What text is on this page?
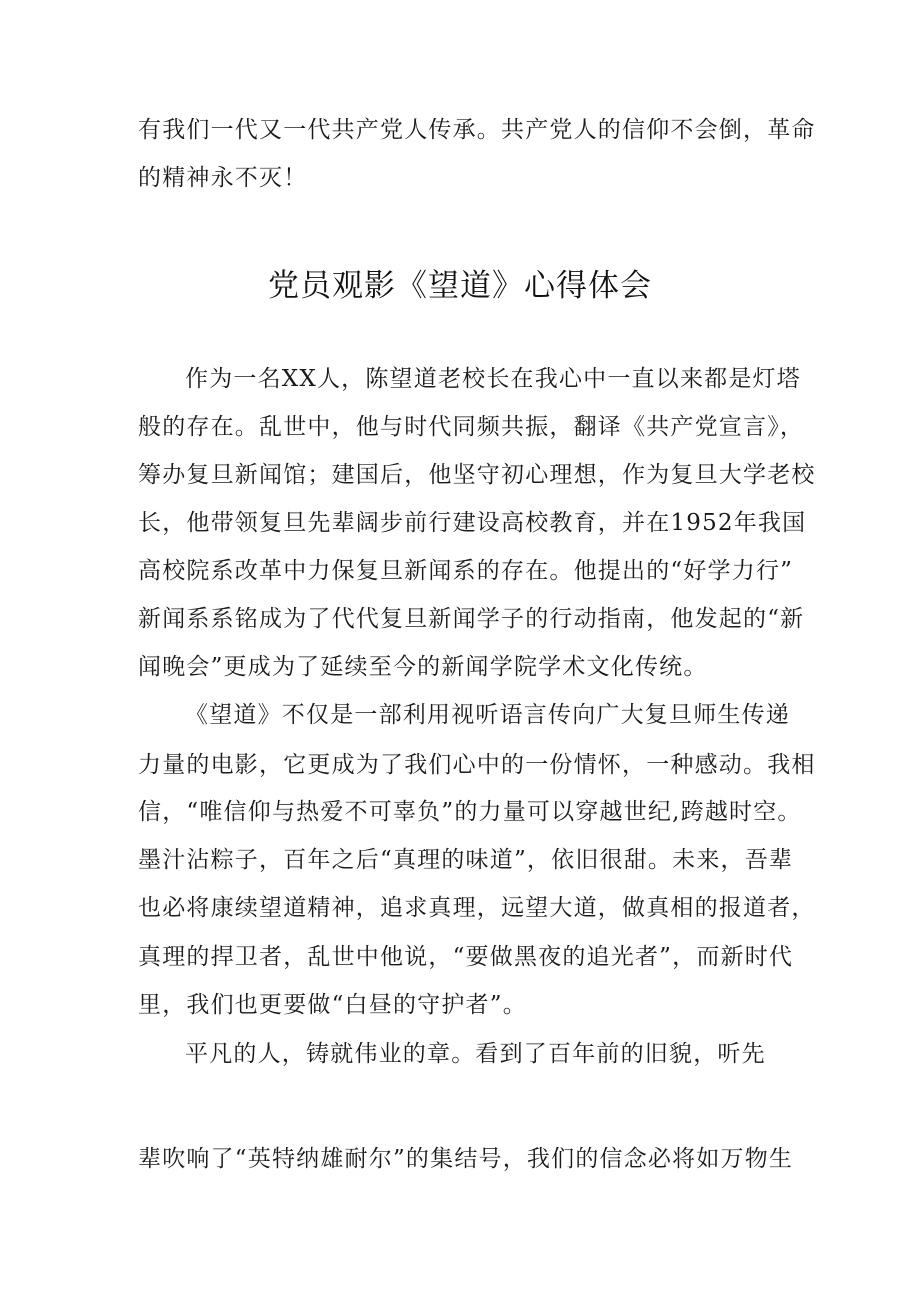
有我们一代又一代共产党人传承。共产党人的信仰不会倒，革命
的精神永不灭！
党员观影《望道》心得体会
作为一名XX人，陈望道老校长在我心中一直以来都是灯塔
般的存在。乱世中，他与时代同频共振，翻译《共产党宣言》，
筹办复旦新闻馆；建国后，他坚守初心理想，作为复旦大学老校
长，他带领复旦先辈阔步前行建设高校教育，并在1952年我国
高校院系改革中力保复旦新闻系的存在。他提出的“好学力行”
新闻系系铭成为了代代复旦新闻学子的行动指南，他发起的“新
闻晚会”更成为了延续至今的新闻学院学术文化传统。
《望道》不仅是一部利用视听语言传向广大复旦师生传递
力量的电影，它更成为了我们心中的一份情怀，一种感动。我相
信，“唯信仰与热爱不可辜负”的力量可以穿越世纪,跨越时空。
墨汁沾粽子，百年之后“真理的味道”，依旧很甜。未来，吾辈
也必将康续望道精神，追求真理，远望大道，做真相的报道者，
真理的捍卫者，乱世中他说，“要做黑夜的追光者”，而新时代
里，我们也更要做“白昼的守护者”。
平凡的人，铸就伟业的章。看到了百年前的旧貌，听先
辈吹响了“英特纳雄耐尔”的集结号，我们的信念必将如万物生
